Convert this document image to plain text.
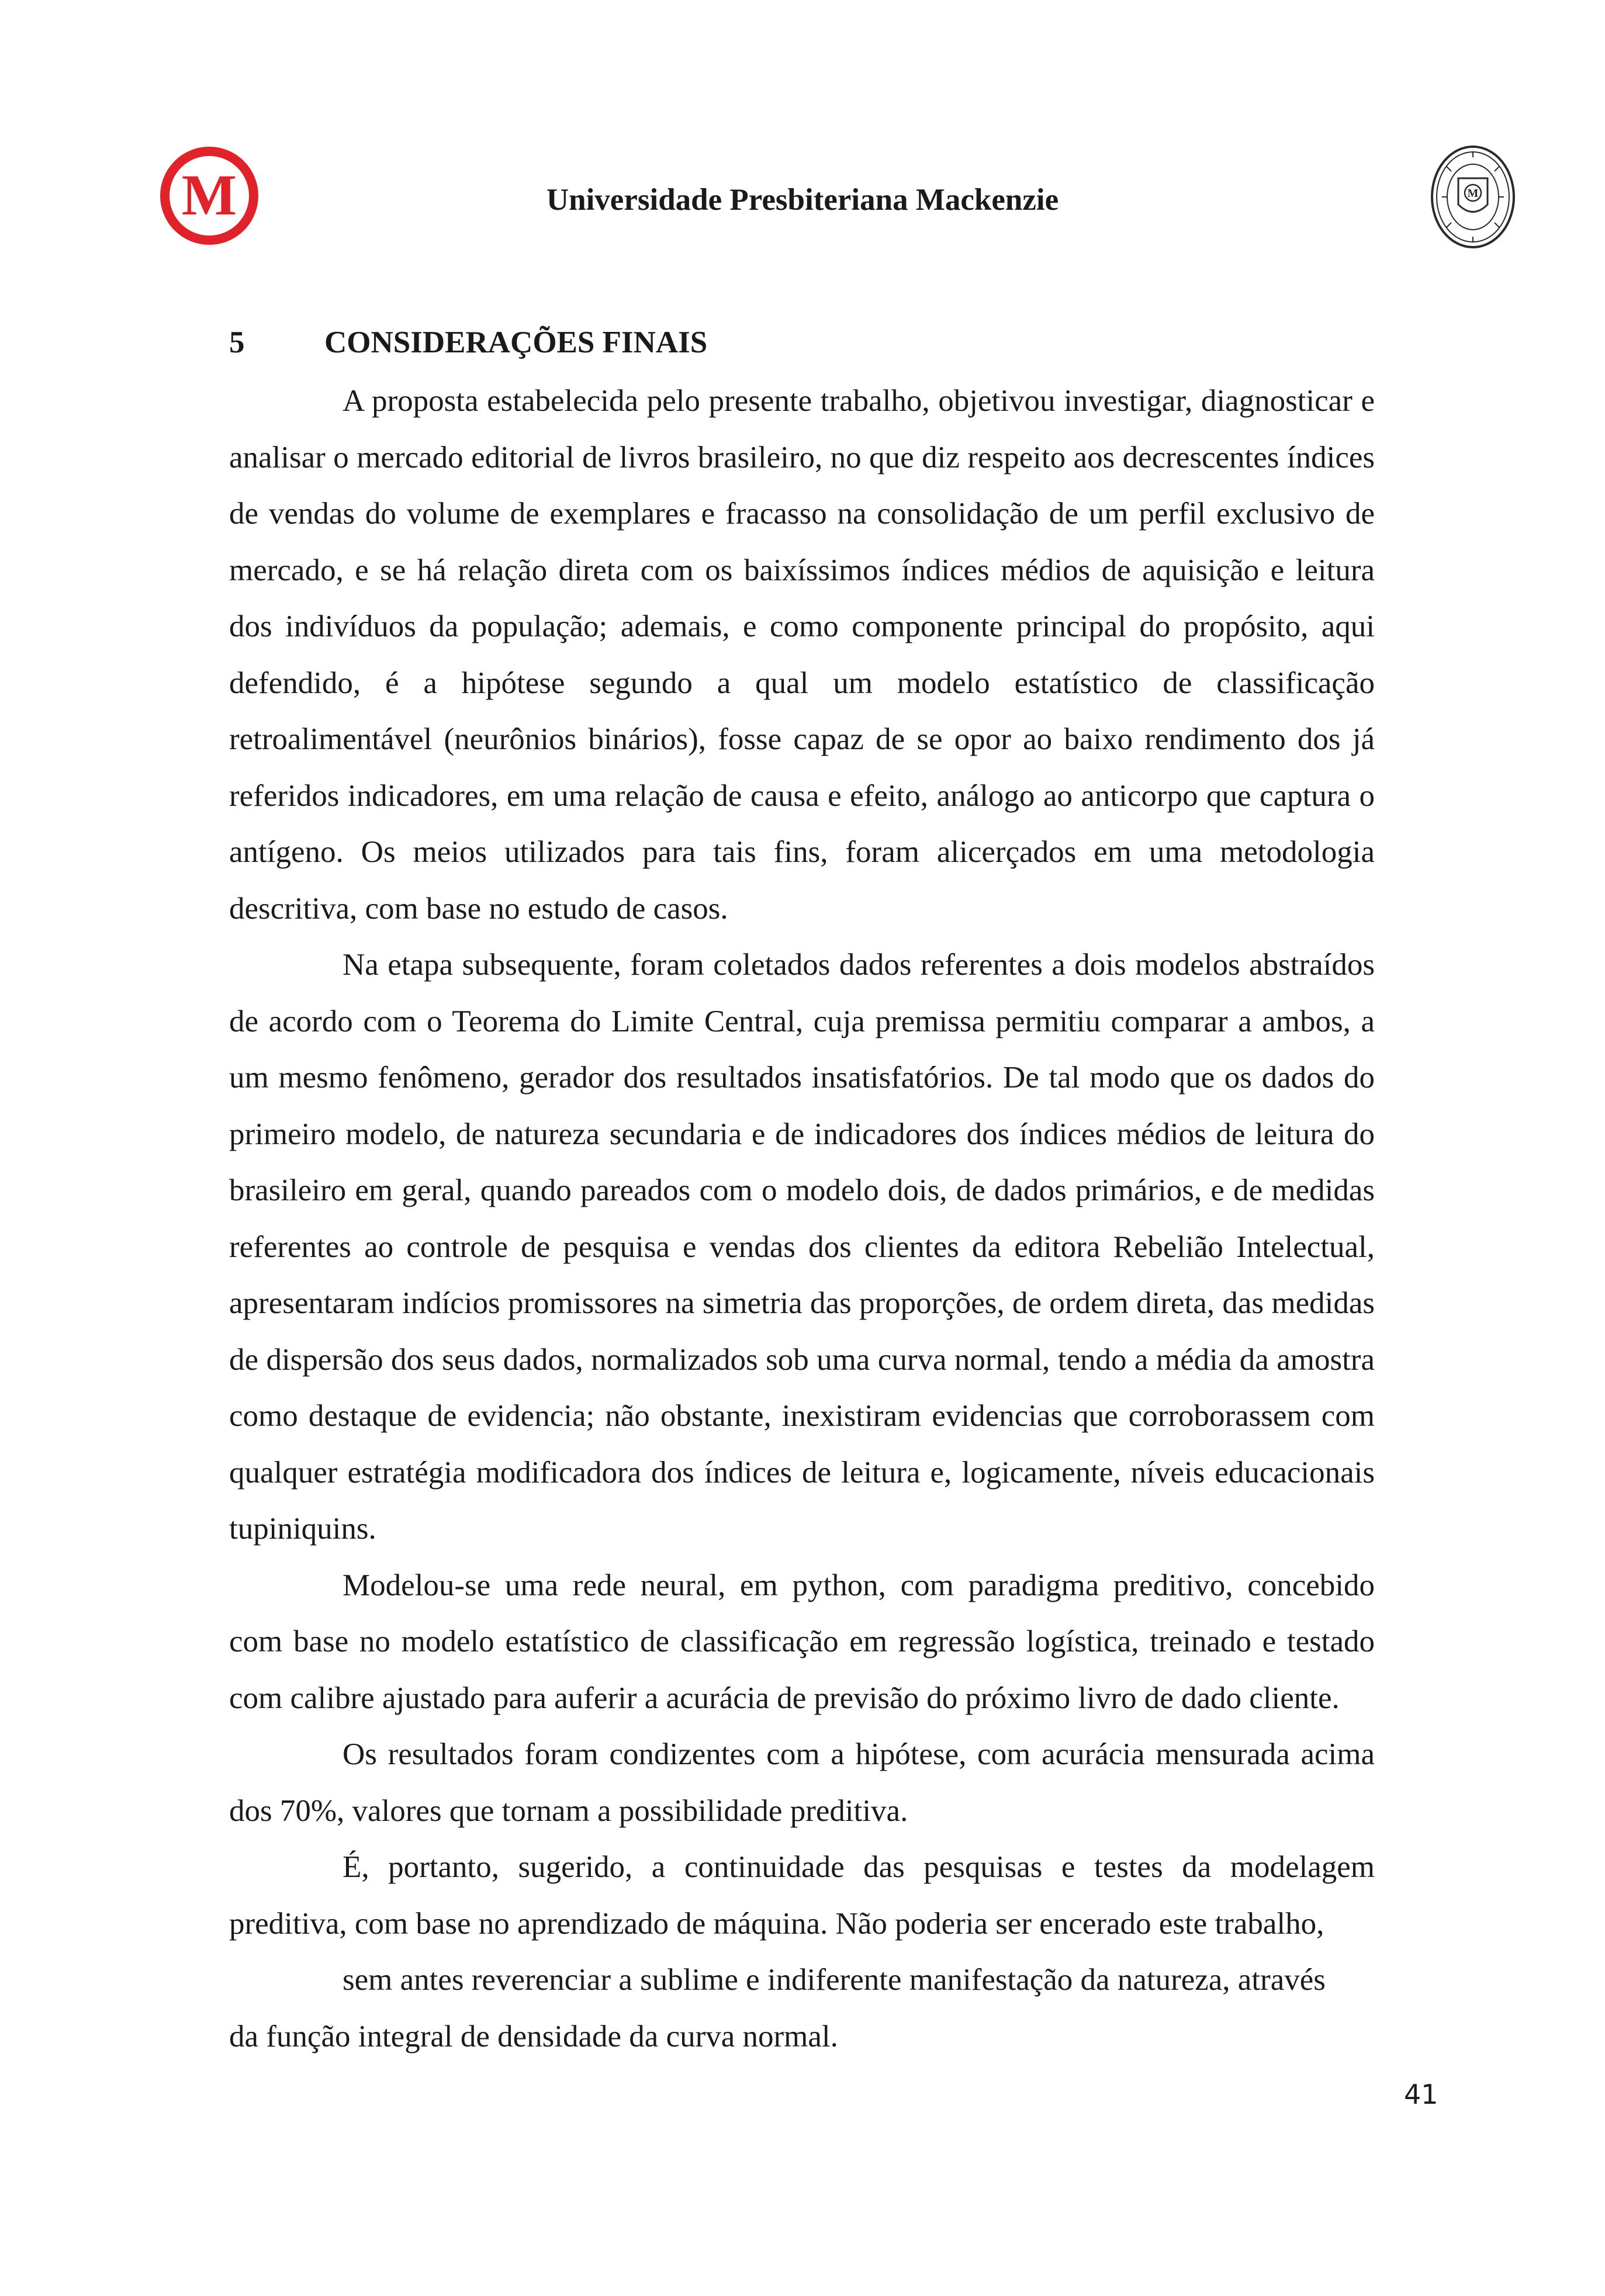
M	Universidade Presbiteriana Mackenzie	M
5	CONSIDERAÇÕES FINAIS

A proposta estabelecida pelo presente trabalho, objetivou investigar, diagnosticar e analisar o mercado editorial de livros brasileiro, no que diz respeito aos decrescentes índices de vendas do volume de exemplares e fracasso na consolidação de um perfil exclusivo de mercado, e se há relação direta com os baixíssimos índices médios de aquisição e leitura dos indivíduos da população; ademais, e como componente principal do propósito, aqui defendido, é a hipótese segundo a qual um modelo estatístico de classificação retroalimentável (neurônios binários), fosse capaz de se opor ao baixo rendimento dos já referidos indicadores, em uma relação de causa e efeito, análogo ao anticorpo que captura o antígeno. Os meios utilizados para tais fins, foram alicerçados em uma metodologia descritiva, com base no estudo de casos.

Na etapa subsequente, foram coletados dados referentes a dois modelos abstraídos de acordo com o Teorema do Limite Central, cuja premissa permitiu comparar a ambos, a um mesmo fenômeno, gerador dos resultados insatisfatórios. De tal modo que os dados do primeiro modelo, de natureza secundaria e de indicadores dos índices médios de leitura do brasileiro em geral, quando pareados com o modelo dois, de dados primários, e de medidas referentes ao controle de pesquisa e vendas dos clientes da editora Rebelião Intelectual, apresentaram indícios promissores na simetria das proporções, de ordem direta, das medidas de dispersão dos seus dados, normalizados sob uma curva normal, tendo a média da amostra como destaque de evidencia; não obstante, inexistiram evidencias que corroborassem com qualquer estratégia modificadora dos índices de leitura e, logicamente, níveis educacionais tupiniquins.

Modelou-se uma rede neural, em python, com paradigma preditivo, concebido com base no modelo estatístico de classificação em regressão logística, treinado e testado com calibre ajustado para auferir a acurácia de previsão do próximo livro de dado cliente.

Os resultados foram condizentes com a hipótese, com acurácia mensurada acima dos 70%, valores que tornam a possibilidade preditiva.

É, portanto, sugerido, a continuidade das pesquisas e testes da modelagem preditiva, com base no aprendizado de máquina. Não poderia ser encerado este trabalho,

sem antes reverenciar a sublime e indiferente manifestação da natureza, através
da função integral de densidade da curva normal.
41
